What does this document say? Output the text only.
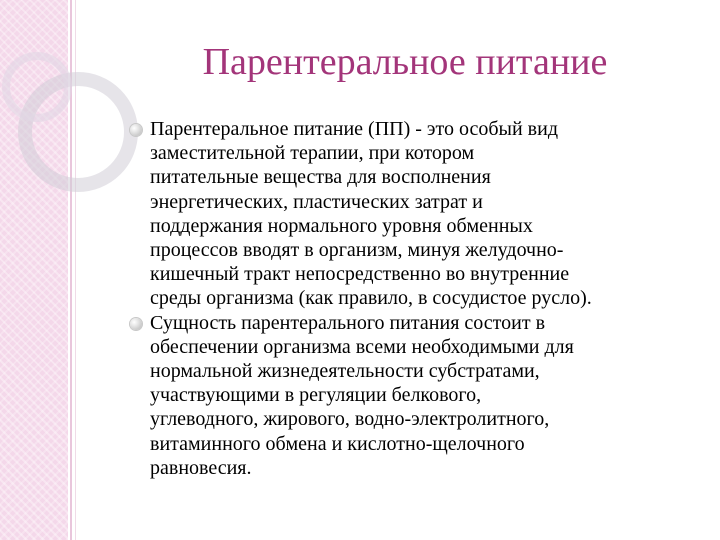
Парентеральное питание

Парентеральное питание (ПП) - это особый вид
заместительной терапии, при котором
питательные вещества для восполнения
энергетических, пластических затрат и
поддержания нормального уровня обменных
процессов вводят в организм, минуя желудочно-
кишечный тракт непосредственно во внутренние
среды организма (как правило, в сосудистое русло).

Сущность парентерального питания состоит в
обеспечении организма всеми необходимыми для
нормальной жизнедеятельности субстратами,
участвующими в регуляции белкового,
углеводного, жирового, водно-электролитного,
витаминного обмена и кислотно-щелочного
равновесия.
